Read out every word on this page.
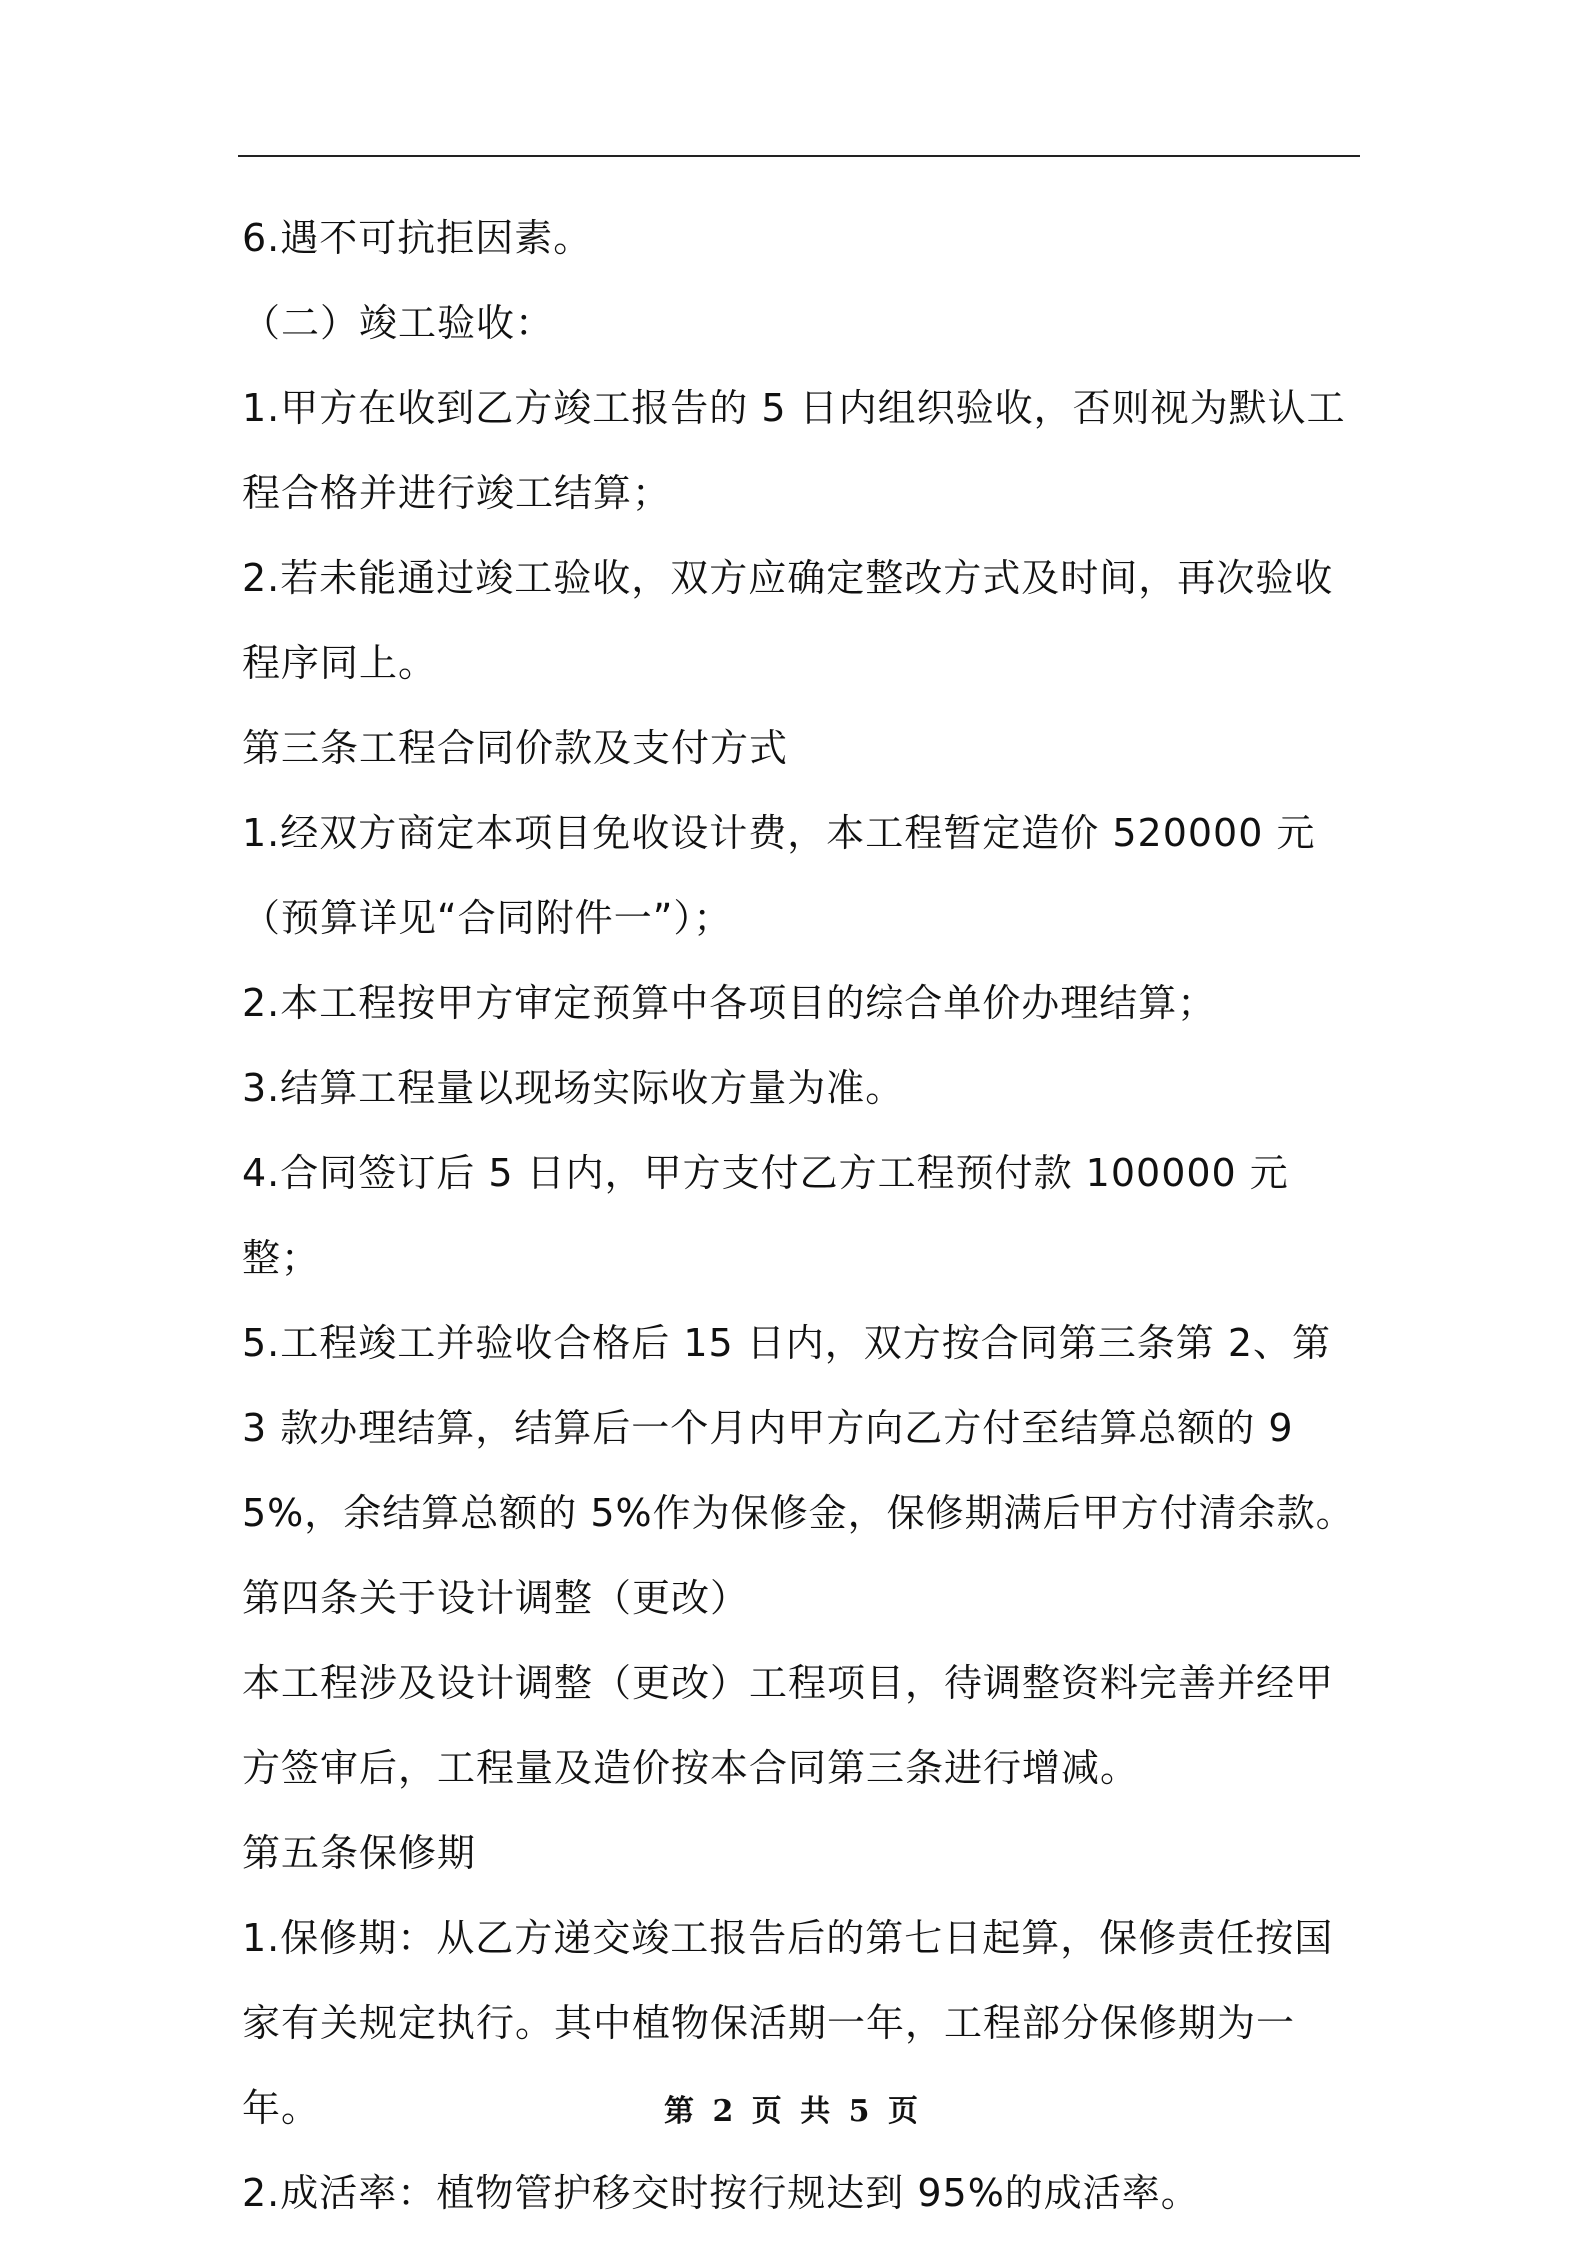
6.遇不可抗拒因素。

（二）竣工验收：

1.甲方在收到乙方竣工报告的 5 日内组织验收，否则视为默认工程合格并进行竣工结算；

2.若未能通过竣工验收，双方应确定整改方式及时间，再次验收程序同上。

第三条工程合同价款及支付方式

1.经双方商定本项目免收设计费，本工程暂定造价 520000 元（预算详见“合同附件一”）；

2.本工程按甲方审定预算中各项目的综合单价办理结算；

3.结算工程量以现场实际收方量为准。

4.合同签订后 5 日内，甲方支付乙方工程预付款 100000 元整；

5.工程竣工并验收合格后 15 日内，双方按合同第三条第 2、第 3 款办理结算，结算后一个月内甲方向乙方付至结算总额的 95%，余结算总额的 5%作为保修金，保修期满后甲方付清余款。

第四条关于设计调整（更改）

本工程涉及设计调整（更改）工程项目，待调整资料完善并经甲方签审后，工程量及造价按本合同第三条进行增减。

第五条保修期

1.保修期：从乙方递交竣工报告后的第七日起算，保修责任按国家有关规定执行。其中植物保活期一年，工程部分保修期为一年。

2.成活率：植物管护移交时按行规达到 95%的成活率。

第 2 页 共 5 页
